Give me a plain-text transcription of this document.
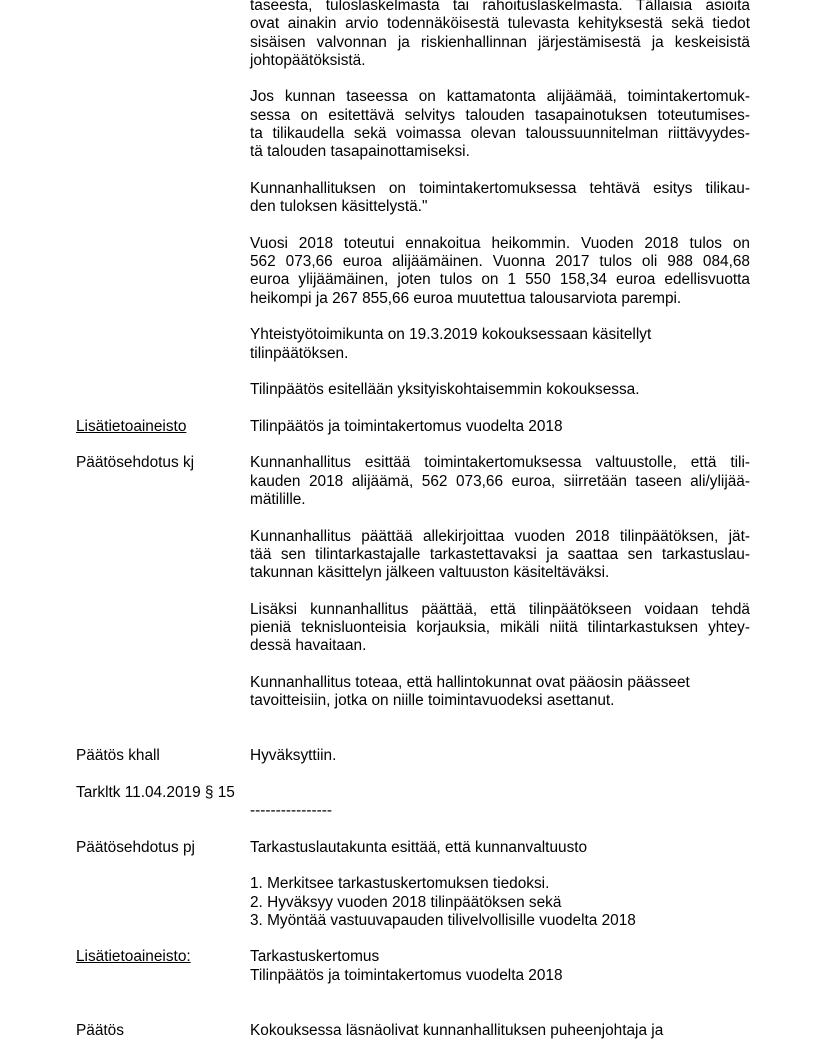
taseesta, tuloslaskelmasta tai rahoituslaskelmasta. Tällaisia asioita
ovat ainakin arvio todennäköisestä tulevasta kehityksestä sekä tiedot
sisäisen valvonnan ja riskienhallinnan järjestämisestä ja keskeisistä
johtopäätöksistä.
Jos kunnan taseessa on kattamatonta alijäämää, toimintakertomuk-
sessa on esitettävä selvitys talouden tasapainotuksen toteutumises-
ta tilikaudella sekä voimassa olevan taloussuunnitelman riittävyydes-
tä talouden tasapainottamiseksi.
Kunnanhallituksen on toimintakertomuksessa tehtävä esitys tilikau-
den tuloksen käsittelystä."
Vuosi 2018 toteutui ennakoitua heikommin. Vuoden 2018 tulos on
562 073,66 euroa alijäämäinen. Vuonna 2017 tulos oli 988 084,68
euroa ylijäämäinen, joten tulos on 1 550 158,34 euroa edellisvuotta
heikompi ja 267 855,66 euroa muutettua talousarviota parempi.
Yhteistyötoimikunta on 19.3.2019 kokouksessaan käsitellyt
tilinpäätöksen.
Tilinpäätös esitellään yksityiskohtaisemmin kokouksessa.
Lisätietoaineisto	Tilinpäätös ja toimintakertomus vuodelta 2018
Päätösehdotus kj	Kunnanhallitus esittää toimintakertomuksessa valtuustolle, että tili-
kauden 2018 alijäämä, 562 073,66 euroa, siirretään taseen ali/ylijää-
mätilille.
Kunnanhallitus päättää allekirjoittaa vuoden 2018 tilinpäätöksen, jät-
tää sen tilintarkastajalle tarkastettavaksi ja saattaa sen tarkastuslau-
takunnan käsittelyn jälkeen valtuuston käsiteltäväksi.
Lisäksi kunnanhallitus päättää, että tilinpäätökseen voidaan tehdä
pieniä teknisluonteisia korjauksia, mikäli niitä tilintarkastuksen yhtey-
dessä havaitaan.
Kunnanhallitus toteaa, että hallintokunnat ovat pääosin päässeet
tavoitteisiin, jotka on niille toimintavuodeksi asettanut.
Päätös khall	Hyväksyttiin.
Tarkltk 11.04.2019 § 15

----------------
Päätösehdotus pj	Tarkastuslautakunta esittää, että kunnanvaltuusto
1. Merkitsee tarkastuskertomuksen tiedoksi.
2. Hyväksyy vuoden 2018 tilinpäätöksen sekä
3. Myöntää vastuuvapauden tilivelvollisille vuodelta 2018
Lisätietoaineisto:	Tarkastuskertomus
Tilinpäätös ja toimintakertomus vuodelta 2018
Päätös	Kokouksessa läsnäolivat kunnanhallituksen puheenjohtaja ja
